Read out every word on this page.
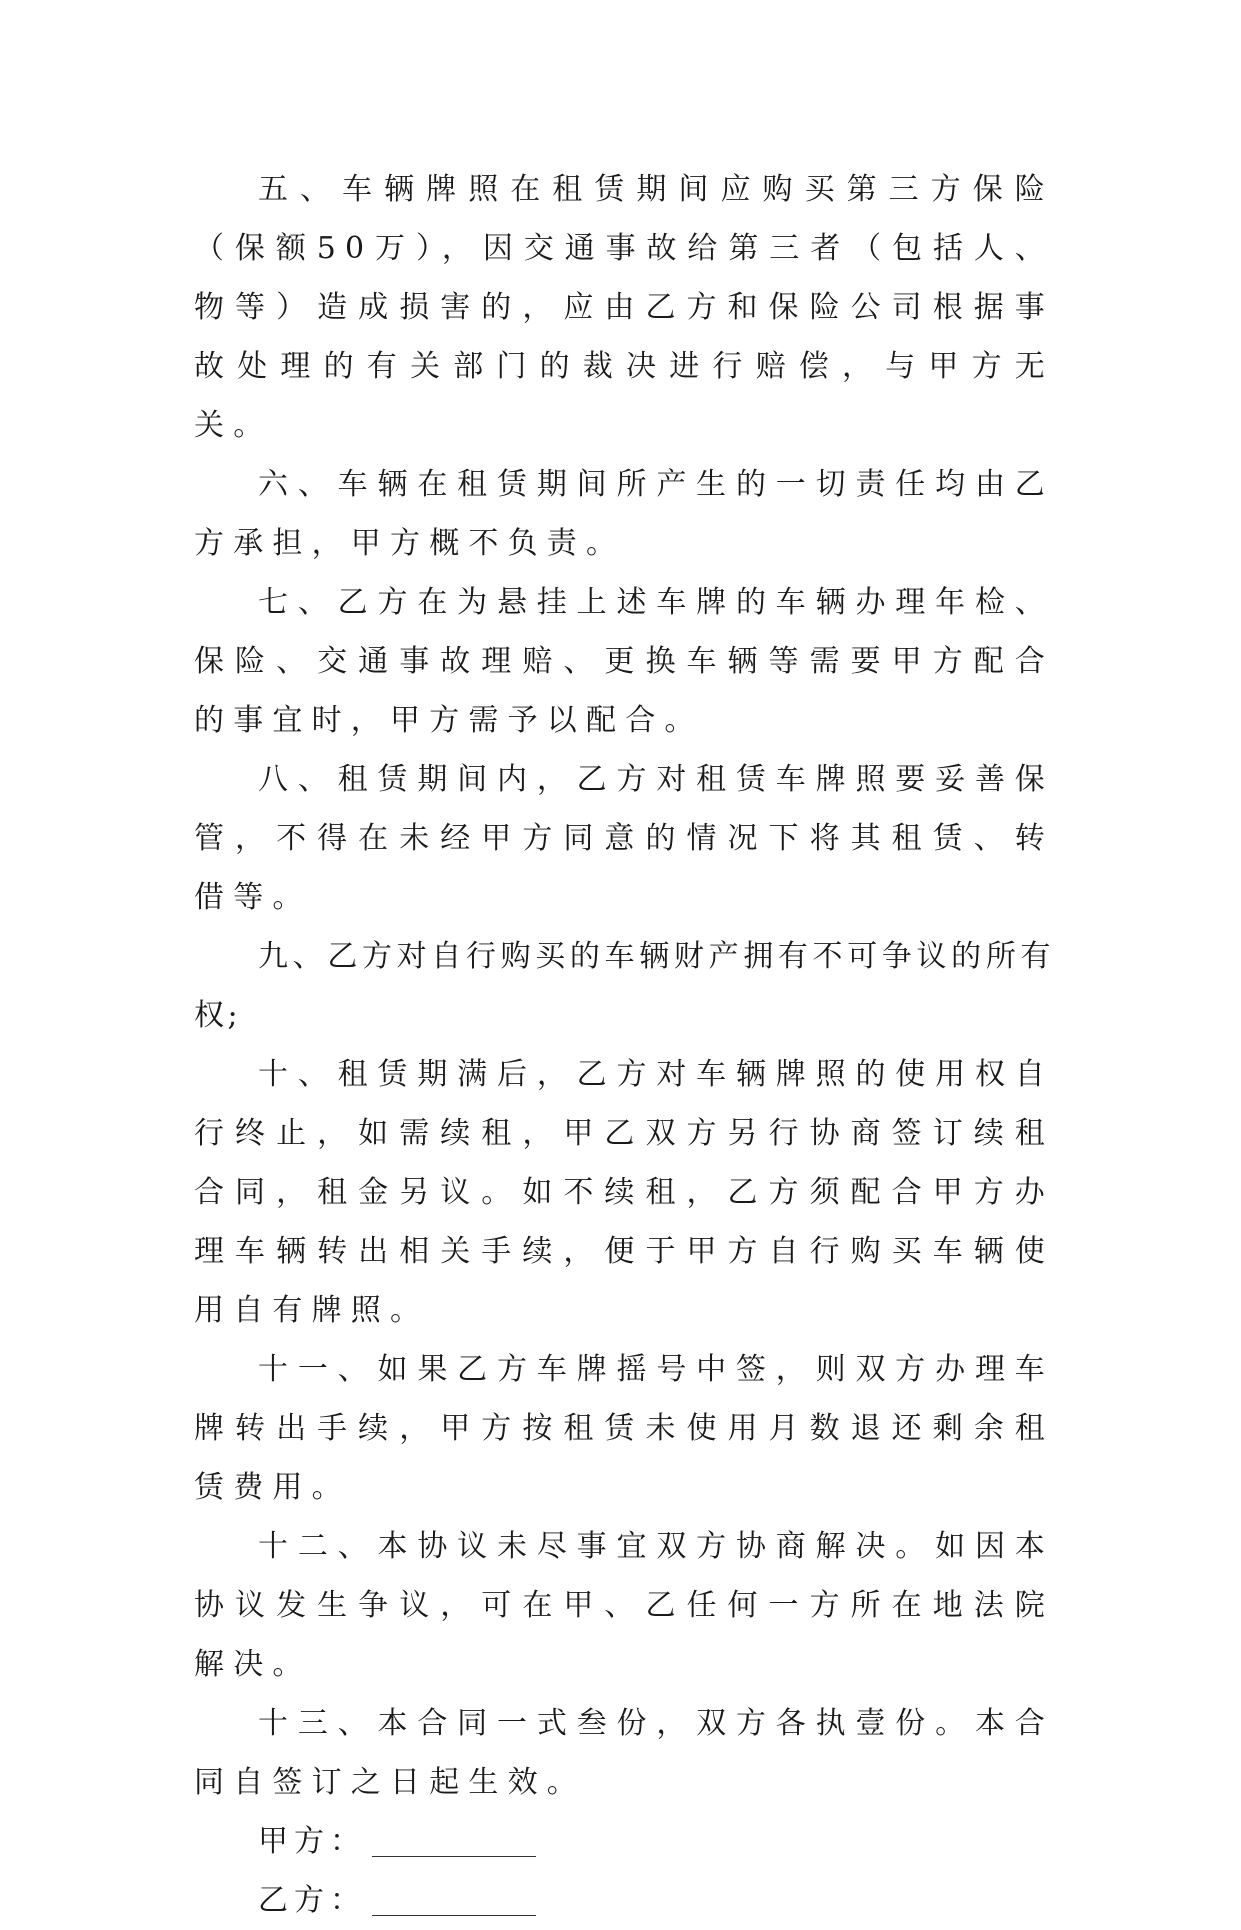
五、车辆牌照在租赁期间应购买第三方保险（保额50万），因交通事故给第三者（包括人、物等）造成损害的，应由乙方和保险公司根据事故处理的有关部门的裁决进行赔偿，与甲方无关。

六、车辆在租赁期间所产生的一切责任均由乙方承担，甲方概不负责。

七、乙方在为悬挂上述车牌的车辆办理年检、保险、交通事故理赔、更换车辆等需要甲方配合的事宜时，甲方需予以配合。

八、租赁期间内，乙方对租赁车牌照要妥善保管，不得在未经甲方同意的情况下将其租赁、转借等。

九、乙方对自行购买的车辆财产拥有不可争议的所有权;

十、租赁期满后，乙方对车辆牌照的使用权自行终止，如需续租，甲乙双方另行协商签订续租合同，租金另议。如不续租，乙方须配合甲方办理车辆转出相关手续，便于甲方自行购买车辆使用自有牌照。

十一、如果乙方车牌摇号中签，则双方办理车牌转出手续，甲方按租赁未使用月数退还剩余租赁费用。

十二、本协议未尽事宜双方协商解决。如因本协议发生争议，可在甲、乙任何一方所在地法院解决。

十三、本合同一式叁份，双方各执壹份。本合同自签订之日起生效。

甲方：
乙方：
